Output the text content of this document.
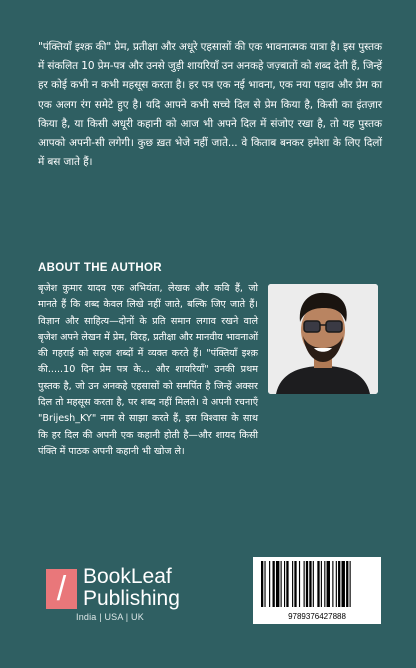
"पंक्तियाँ इश्क़ की" प्रेम, प्रतीक्षा और अधूरे एहसासों की एक भावनात्मक यात्रा है। इस पुस्तक में संकलित 10 प्रेम-पत्र और उनसे जुड़ी शायरियाँ उन अनकहे जज़्बातों को शब्द देती हैं, जिन्हें हर कोई कभी न कभी महसूस करता है। हर पत्र एक नई भावना, एक नया पड़ाव और प्रेम का एक अलग रंग समेटे हुए है। यदि आपने कभी सच्चे दिल से प्रेम किया है, किसी का इंतज़ार किया है, या किसी अधूरी कहानी को आज भी अपने दिल में संजोए रखा है, तो यह पुस्तक आपको अपनी-सी लगेगी। कुछ ख़त भेजे नहीं जाते... वे किताब बनकर हमेशा के लिए दिलों में बस जाते हैं।
ABOUT THE AUTHOR
बृजेश कुमार यादव एक अभियंता, लेखक और कवि हैं, जो मानते हैं कि शब्द केवल लिखे नहीं जाते, बल्कि जिए जाते हैं। विज्ञान और साहित्य—दोनों के प्रति समान लगाव रखने वाले बृजेश अपने लेखन में प्रेम, विरह, प्रतीक्षा और मानवीय भावनाओं की गहराई को सहज शब्दों में व्यक्त करते हैं। "पंक्तियाँ इश्क़ की.....10 दिन प्रेम पत्र के... और शायरियाँ" उनकी प्रथम पुस्तक है, जो उन अनकहे एहसासों को समर्पित है जिन्हें अक्सर दिल तो महसूस करता है, पर शब्द नहीं मिलते। वे अपनी रचनाएँ "Brijesh_KY" नाम से साझा करते हैं, इस विश्वास के साथ कि हर दिल की अपनी एक कहानी होती है—और शायद किसी पंक्ति में पाठक अपनी कहानी भी खोज ले।
/ BookLeaf
Publishing
India | USA | UK	9789376427888
